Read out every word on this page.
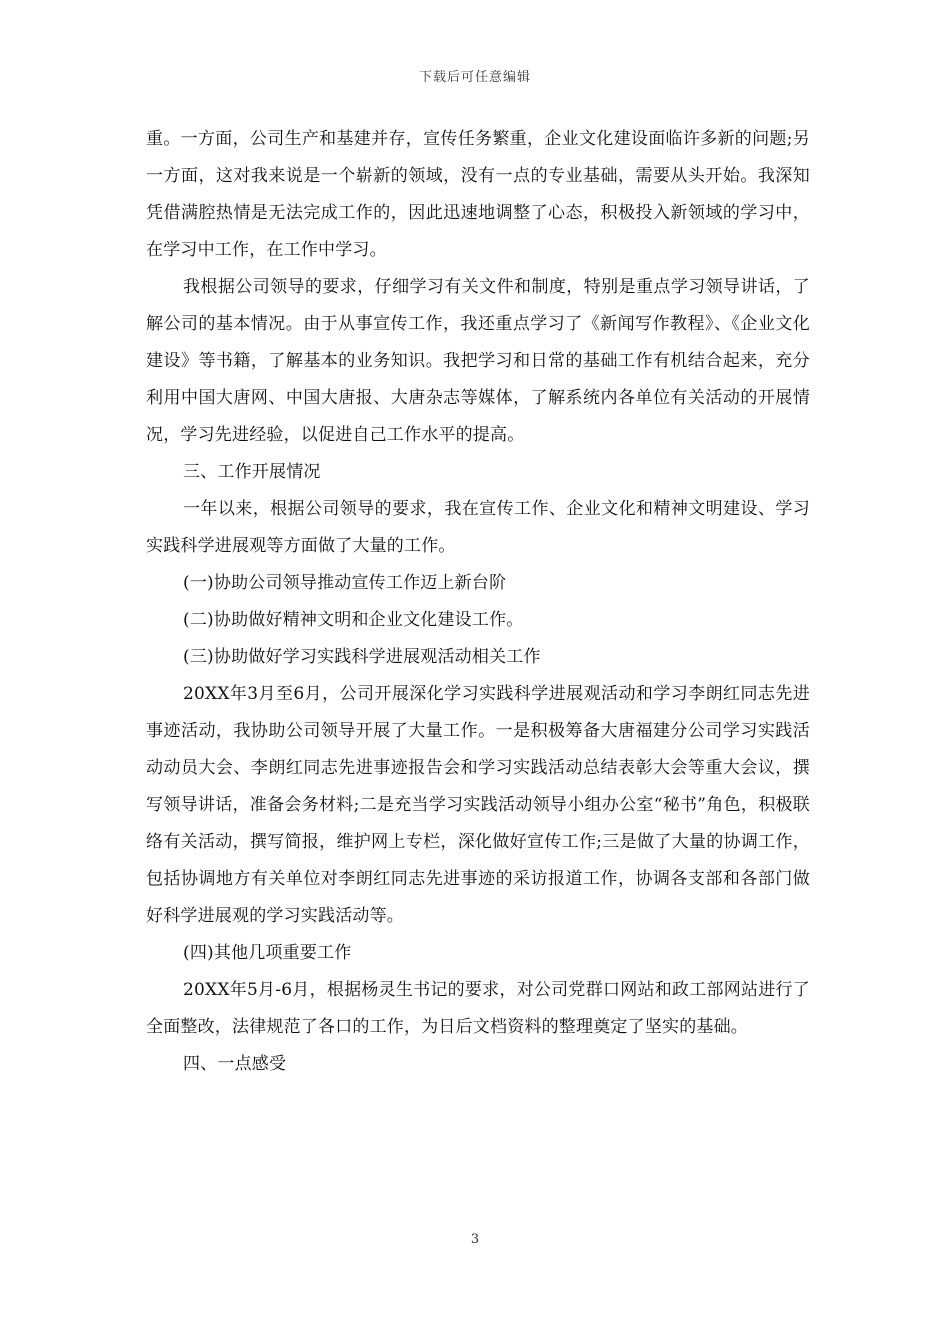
下载后可任意编辑

重。一方面，公司生产和基建并存，宣传任务繁重，企业文化建设面临许多新的问题;另一方面，这对我来说是一个崭新的领域，没有一点的专业基础，需要从头开始。我深知凭借满腔热情是无法完成工作的，因此迅速地调整了心态，积极投入新领域的学习中，在学习中工作，在工作中学习。

我根据公司领导的要求，仔细学习有关文件和制度，特别是重点学习领导讲话，了解公司的基本情况。由于从事宣传工作，我还重点学习了《新闻写作教程》、《企业文化建设》等书籍，了解基本的业务知识。我把学习和日常的基础工作有机结合起来，充分利用中国大唐网、中国大唐报、大唐杂志等媒体，了解系统内各单位有关活动的开展情况，学习先进经验，以促进自己工作水平的提高。

三、工作开展情况

一年以来，根据公司领导的要求，我在宣传工作、企业文化和精神文明建设、学习实践科学进展观等方面做了大量的工作。

(一)协助公司领导推动宣传工作迈上新台阶

(二)协助做好精神文明和企业文化建设工作。

(三)协助做好学习实践科学进展观活动相关工作

20XX年3月至6月，公司开展深化学习实践科学进展观活动和学习李朗红同志先进事迹活动，我协助公司领导开展了大量工作。一是积极筹备大唐福建分公司学习实践活动动员大会、李朗红同志先进事迹报告会和学习实践活动总结表彰大会等重大会议，撰写领导讲话，准备会务材料;二是充当学习实践活动领导小组办公室“秘书”角色，积极联络有关活动，撰写简报，维护网上专栏，深化做好宣传工作;三是做了大量的协调工作，包括协调地方有关单位对李朗红同志先进事迹的采访报道工作，协调各支部和各部门做好科学进展观的学习实践活动等。

(四)其他几项重要工作

20XX年5月-6月，根据杨灵生书记的要求，对公司党群口网站和政工部网站进行了全面整改，法律规范了各口的工作，为日后文档资料的整理奠定了坚实的基础。

四、一点感受

3
